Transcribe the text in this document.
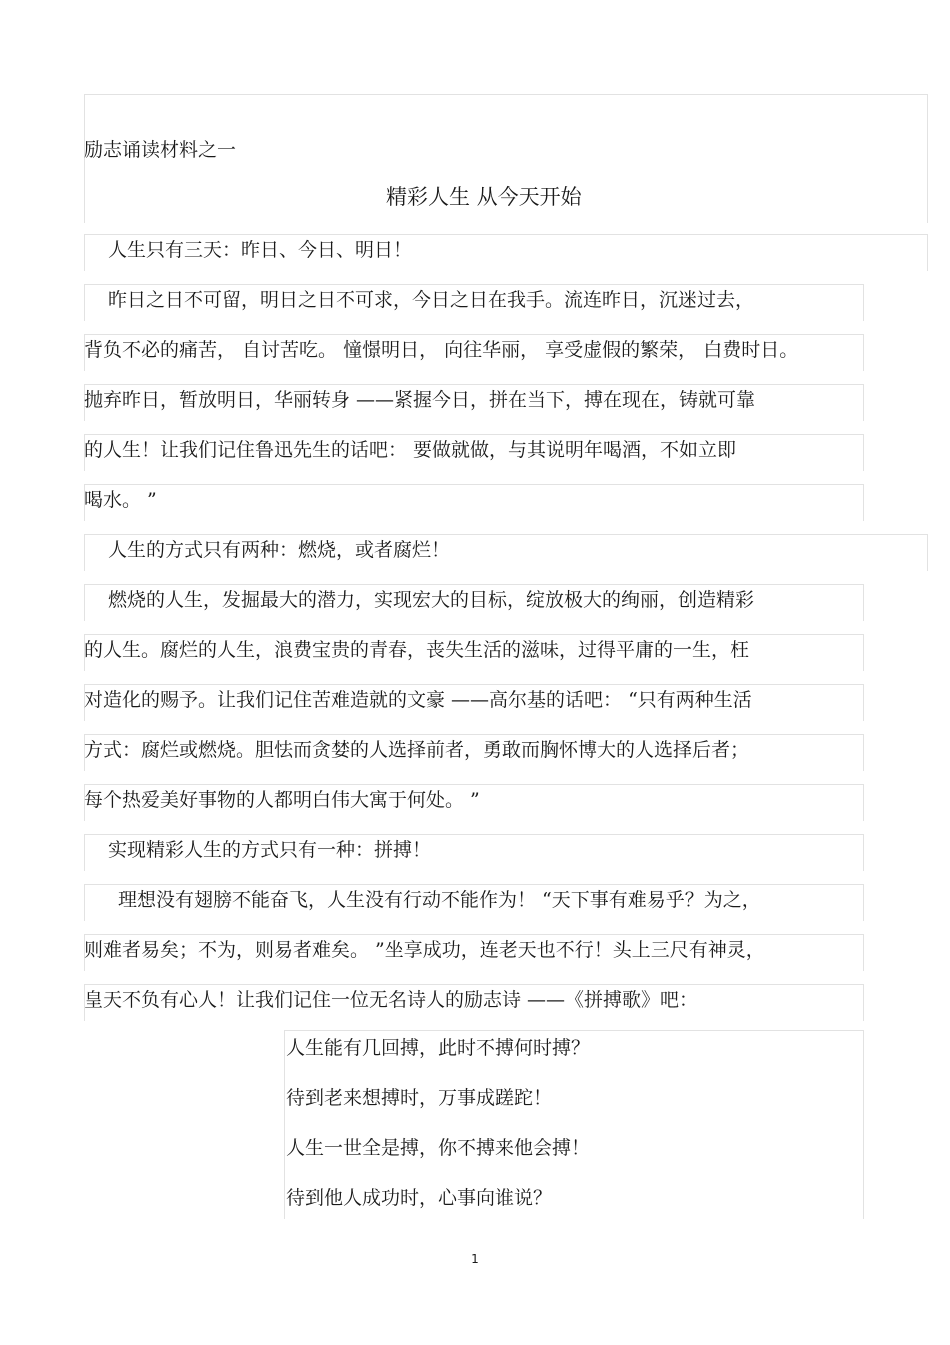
励志诵读材料之一
精彩人生 从今天开始
人生只有三天：昨日、今日、明日！
昨日之日不可留，明日之日不可求，今日之日在我手。流连昨日，沉迷过去，
背负不必的痛苦， 自讨苦吃。 憧憬明日， 向往华丽， 享受虚假的繁荣， 白费时日。
抛弃昨日，暂放明日，华丽转身 ——紧握今日，拼在当下，搏在现在，铸就可靠
的人生！让我们记住鲁迅先生的话吧： 要做就做，与其说明年喝酒，不如立即
喝水。 ”
人生的方式只有两种：燃烧，或者腐烂！
燃烧的人生，发掘最大的潜力，实现宏大的目标，绽放极大的绚丽，创造精彩
的人生。腐烂的人生，浪费宝贵的青春，丧失生活的滋味，过得平庸的一生，枉
对造化的赐予。让我们记住苦难造就的文豪 ——高尔基的话吧： “只有两种生活
方式：腐烂或燃烧。胆怯而贪婪的人选择前者，勇敢而胸怀博大的人选择后者；
每个热爱美好事物的人都明白伟大寓于何处。 ”
实现精彩人生的方式只有一种：拼搏！
理想没有翅膀不能奋飞，人生没有行动不能作为！ “天下事有难易乎？为之，
则难者易矣；不为，则易者难矣。 ”坐享成功，连老天也不行！头上三尺有神灵，
皇天不负有心人！让我们记住一位无名诗人的励志诗 ——《拼搏歌》吧：
人生能有几回搏，此时不搏何时搏？
待到老来想搏时，万事成蹉跎！
人生一世全是搏，你不搏来他会搏！
待到他人成功时，心事向谁说？
1
